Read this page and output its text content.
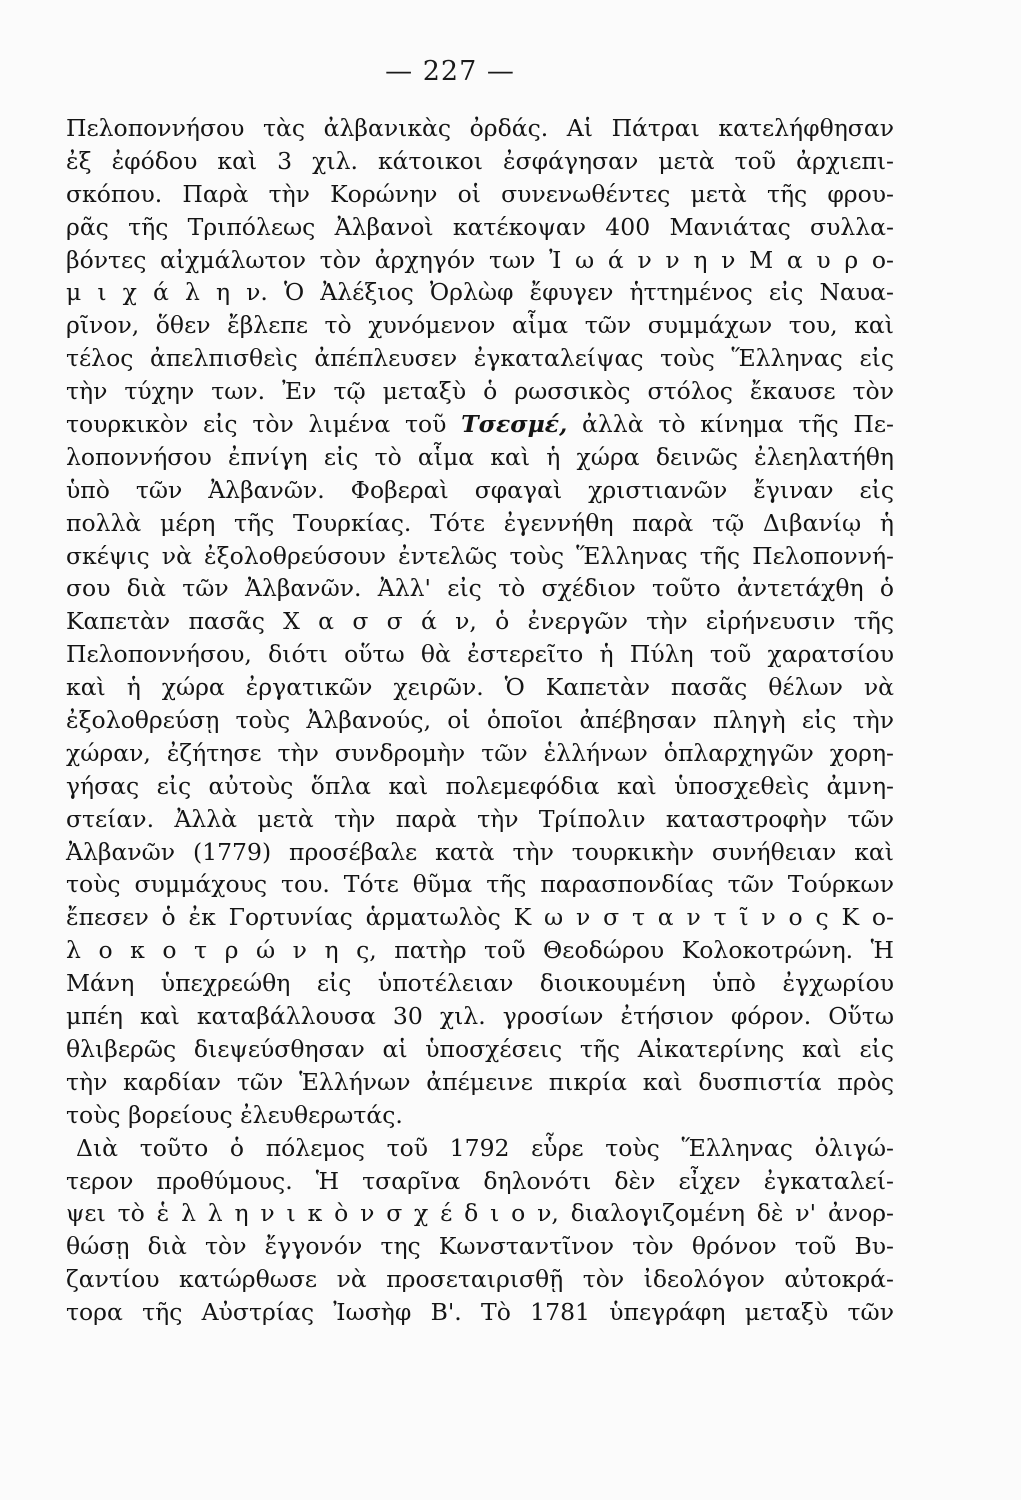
— 227 —
Πελοποννήσου τὰς ἀλβανικὰς ὀρδάς. Αἱ Πάτραι κατελήφθησαν
ἐξ ἐφόδου καὶ 3 χιλ. κάτοικοι ἐσφάγησαν μετὰ τοῦ ἀρχιεπι-
σκόπου. Παρὰ τὴν Κορώνην οἱ συνενωθέντες μετὰ τῆς φρου-
ρᾶς τῆς Τριπόλεως Ἀλβανοὶ κατέκοψαν 400 Μανιάτας συλλα-
βόντες αἰχμάλωτον τὸν ἀρχηγόν των Ἰ ω ά ν ν η ν Μ α υ ρ ο-
μ ι χ ά λ η ν. Ὁ Ἀλέξιος Ὀρλὼφ ἔφυγεν ἡττημένος εἰς Ναυα-
ρῖνον, ὅθεν ἔβλεπε τὸ χυνόμενον αἷμα τῶν συμμάχων του, καὶ
τέλος ἀπελπισθεὶς ἀπέπλευσεν ἐγκαταλείψας τοὺς Ἕλληνας εἰς
τὴν τύχην των. Ἐν τῷ μεταξὺ ὁ ρωσσικὸς στόλος ἔκαυσε τὸν
τουρκικὸν εἰς τὸν λιμένα τοῦ Τσεσμέ, ἀλλὰ τὸ κίνημα τῆς Πε-
λοποννήσου ἐπνίγη εἰς τὸ αἷμα καὶ ἡ χώρα δεινῶς ἐλεηλατήθη
ὑπὸ τῶν Ἀλβανῶν. Φοβεραὶ σφαγαὶ χριστιανῶν ἔγιναν εἰς
πολλὰ μέρη τῆς Τουρκίας. Τότε ἐγεννήθη παρὰ τῷ Διβανίῳ ἡ
σκέψις νὰ ἐξολοθρεύσουν ἐντελῶς τοὺς Ἕλληνας τῆς Πελοποννή-
σου διὰ τῶν Ἀλβανῶν. Ἀλλ' εἰς τὸ σχέδιον τοῦτο ἀντετάχθη ὁ
Καπετὰν πασᾶς Χ α σ σ ά ν, ὁ ἐνεργῶν τὴν εἰρήνευσιν τῆς
Πελοποννήσου, διότι οὕτω θὰ ἐστερεῖτο ἡ Πύλη τοῦ χαρατσίου
καὶ ἡ χώρα ἐργατικῶν χειρῶν. Ὁ Καπετὰν πασᾶς θέλων νὰ
ἐξολοθρεύσῃ τοὺς Ἀλβανούς, οἱ ὁποῖοι ἀπέβησαν πληγὴ εἰς τὴν
χώραν, ἐζήτησε τὴν συνδρομὴν τῶν ἑλλήνων ὁπλαρχηγῶν χορη-
γήσας εἰς αὐτοὺς ὅπλα καὶ πολεμεφόδια καὶ ὑποσχεθεὶς ἀμνη-
στείαν. Ἀλλὰ μετὰ τὴν παρὰ τὴν Τρίπολιν καταστροφὴν τῶν
Ἀλβανῶν (1779) προσέβαλε κατὰ τὴν τουρκικὴν συνήθειαν καὶ
τοὺς συμμάχους του. Τότε θῦμα τῆς παρασπονδίας τῶν Τούρκων
ἔπεσεν ὁ ἐκ Γορτυνίας ἁρματωλὸς Κ ω ν σ τ α ν τ ῖ ν ο ς Κ ο-
λ ο κ ο τ ρ ώ ν η ς, πατὴρ τοῦ Θεοδώρου Κολοκοτρώνη. Ἡ
Μάνη ὑπεχρεώθη εἰς ὑποτέλειαν διοικουμένη ὑπὸ ἐγχωρίου
μπέη καὶ καταβάλλουσα 30 χιλ. γροσίων ἐτήσιον φόρον. Οὕτω
θλιβερῶς διεψεύσθησαν αἱ ὑποσχέσεις τῆς Αἰκατερίνης καὶ εἰς
τὴν καρδίαν τῶν Ἑλλήνων ἀπέμεινε πικρία καὶ δυσπιστία πρὸς
τοὺς βορείους ἐλευθερωτάς.
Διὰ τοῦτο ὁ πόλεμος τοῦ 1792 εὗρε τοὺς Ἕλληνας ὀλιγώ-
τερον προθύμους. Ἡ τσαρῖνα δηλονότι δὲν εἶχεν ἐγκαταλεί-
ψει τὸ ἑ λ λ η ν ι κ ὸ ν σ χ έ δ ι ο ν, διαλογιζομένη δὲ ν' ἀνορ-
θώσῃ διὰ τὸν ἔγγονόν της Κωνσταντῖνον τὸν θρόνον τοῦ Βυ-
ζαντίου κατώρθωσε νὰ προσεταιρισθῇ τὸν ἰδεολόγον αὐτοκρά-
τορα τῆς Αὐστρίας Ἰωσὴφ Β'. Τὸ 1781 ὑπεγράφη μεταξὺ τῶν
